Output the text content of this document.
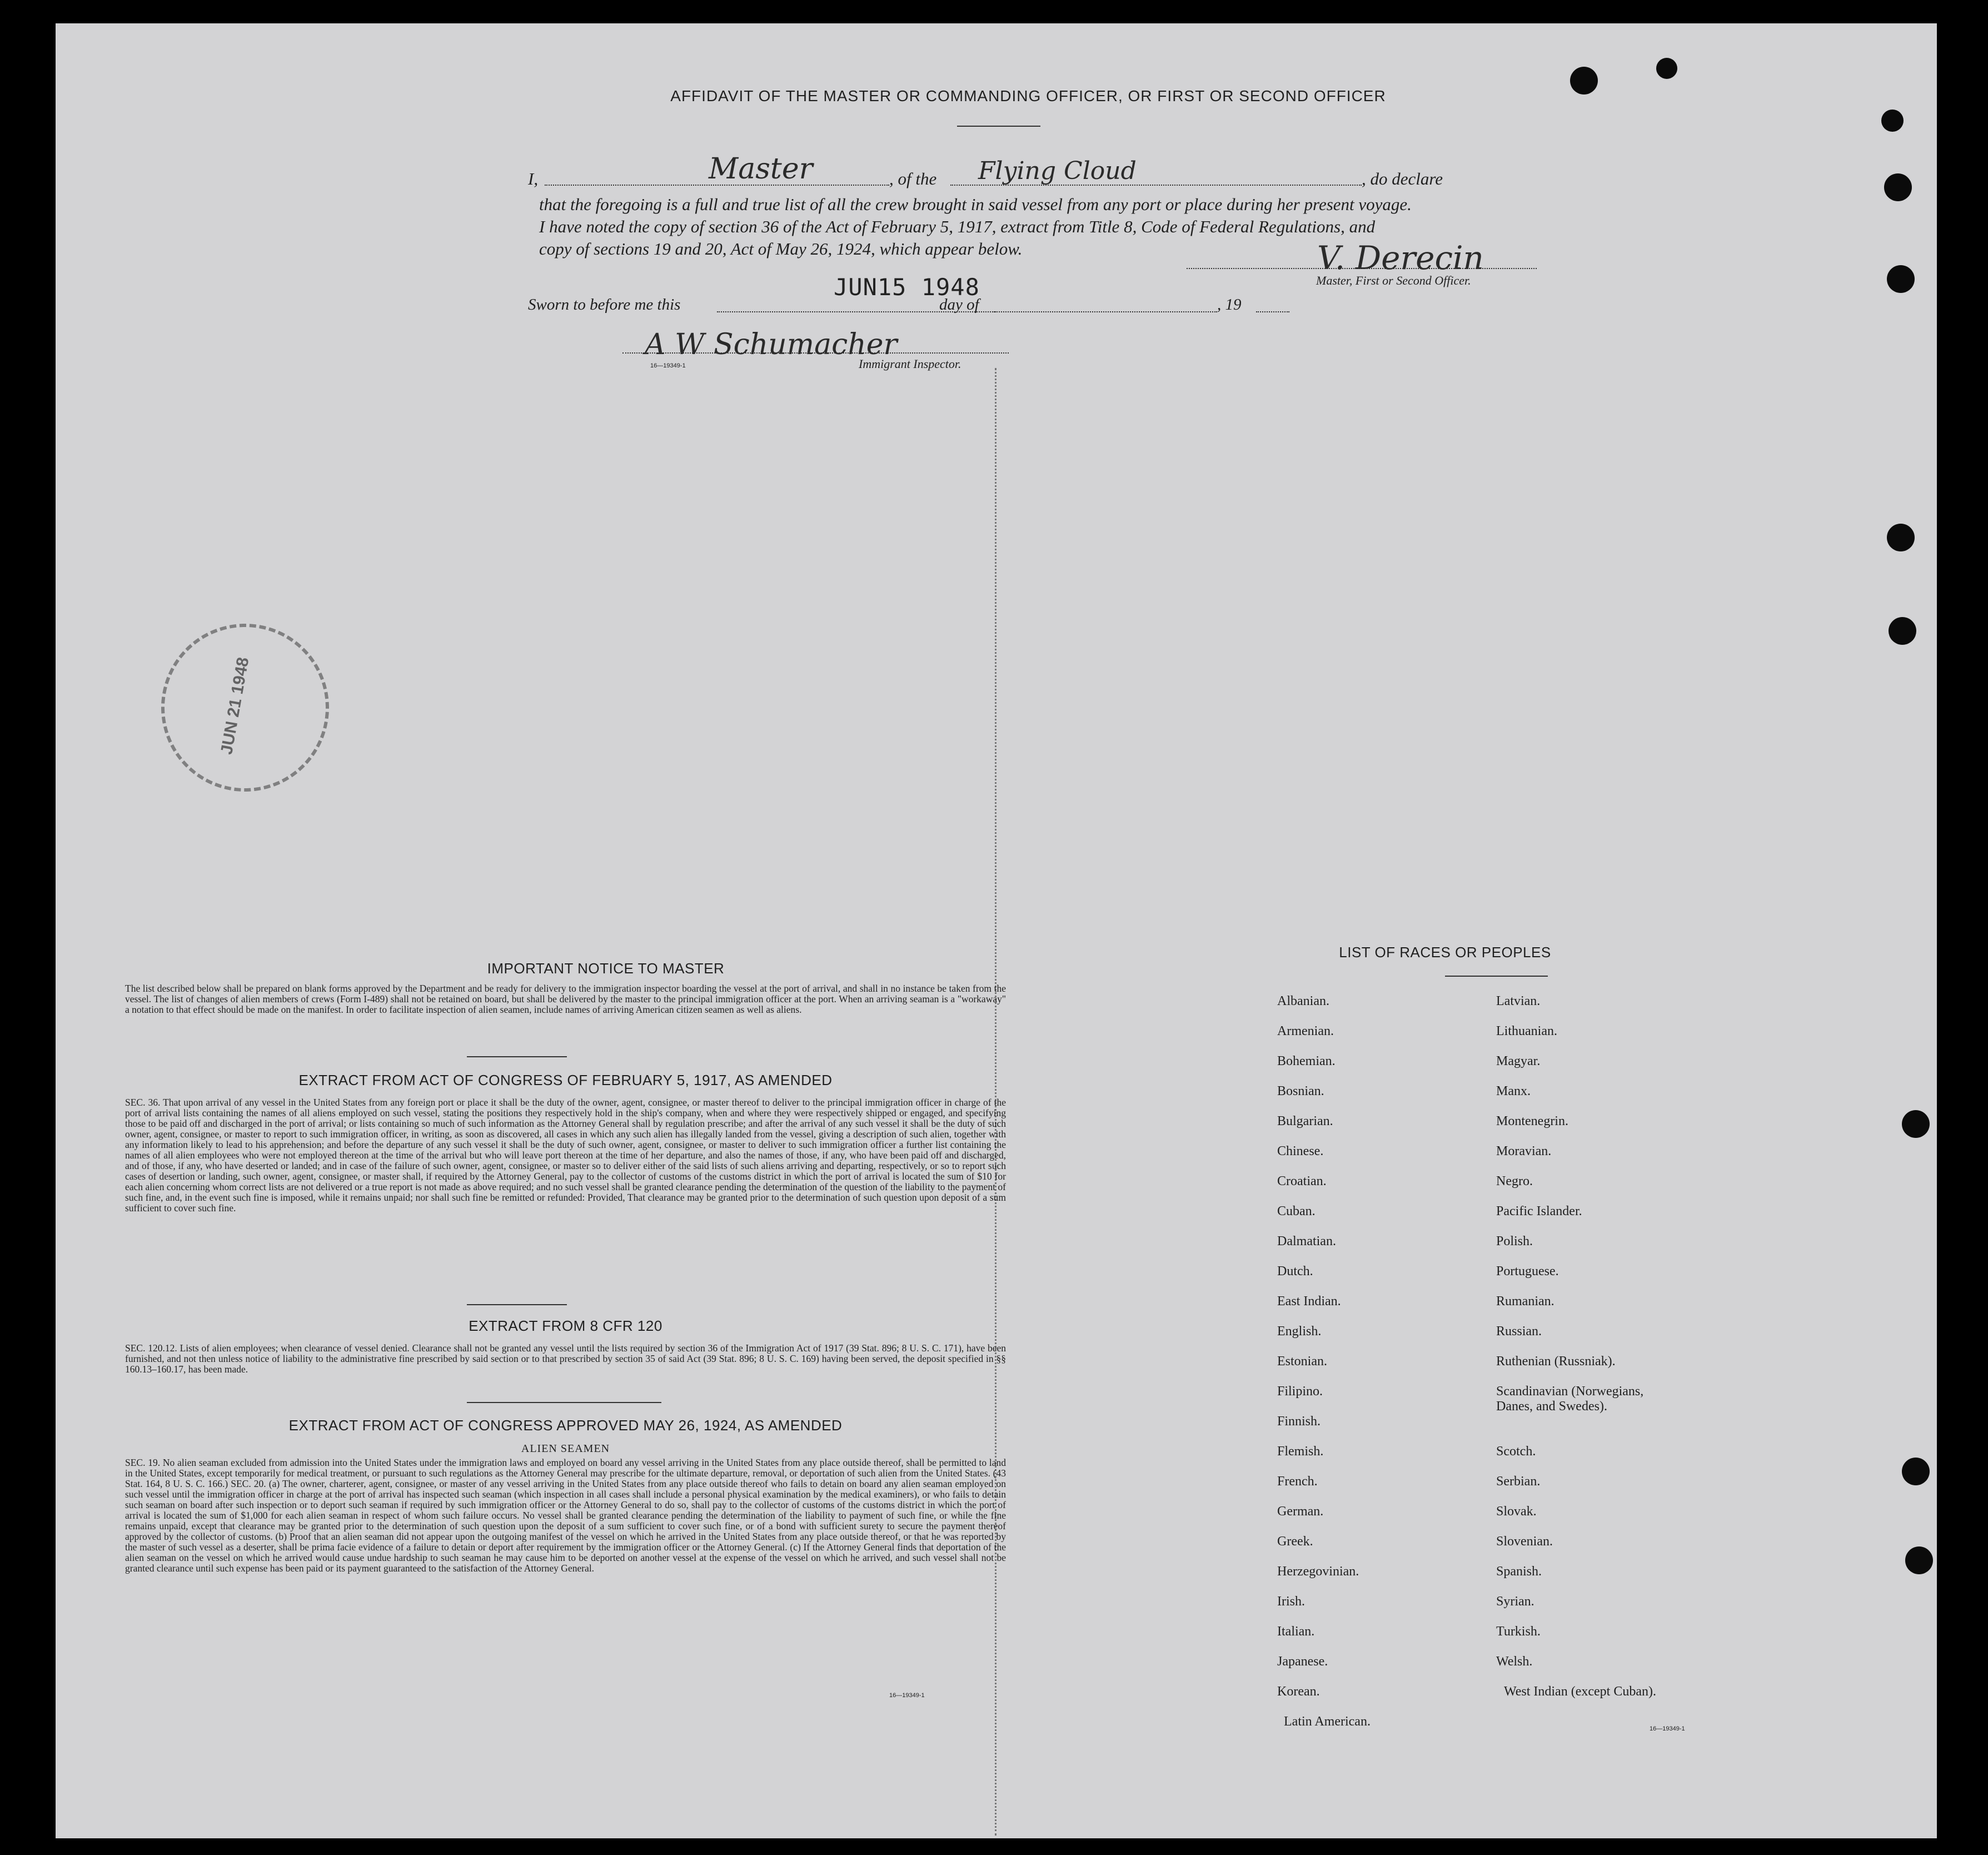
AFFIDAVIT OF THE MASTER OR COMMANDING OFFICER, OR FIRST OR SECOND OFFICER
I,	Master	, of the Flying Cloud	, do declare
that the foregoing is a full and true list of all the crew brought in said vessel from any port or place during her present voyage.
I have noted the copy of section 36 of the Act of February 5, 1917, extract from Title 8, Code of Federal Regulations, and
copy of sections 19 and 20, Act of May 26, 1924, which appear below.	V. Derecin
Master, First or Second Officer.
Sworn to before me this
JUN15 1948
day of	, 19
A W Schumacher
16—19349-1	Immigrant Inspector.
JUN 21 1948
IMPORTANT NOTICE TO MASTER
The list described below shall be prepared on blank forms approved by the Department and be ready for delivery to the immigration inspector boarding the vessel at the port of arrival, and shall in no instance be taken from the vessel. The list of changes of alien members of crews (Form I-489) shall not be retained on board, but shall be delivered by the master to the principal immigration officer at the port. When an arriving seaman is a "workaway" a notation to that effect should be made on the manifest. In order to facilitate inspection of alien seamen, include names of arriving American citizen seamen as well as aliens.
EXTRACT FROM ACT OF CONGRESS OF FEBRUARY 5, 1917, AS AMENDED
SEC. 36. That upon arrival of any vessel in the United States from any foreign port or place it shall be the duty of the owner, agent, consignee, or master thereof to deliver to the principal immigration officer in charge of the port of arrival lists containing the names of all aliens employed on such vessel, stating the positions they respectively hold in the ship's company, when and where they were respectively shipped or engaged, and specifying those to be paid off and discharged in the port of arrival; or lists containing so much of such information as the Attorney General shall by regulation prescribe; and after the arrival of any such vessel it shall be the duty of such owner, agent, consignee, or master to report to such immigration officer, in writing, as soon as discovered, all cases in which any such alien has illegally landed from the vessel, giving a description of such alien, together with any information likely to lead to his apprehension; and before the departure of any such vessel it shall be the duty of such owner, agent, consignee, or master to deliver to such immigration officer a further list containing the names of all alien employees who were not employed thereon at the time of the arrival but who will leave port thereon at the time of her departure, and also the names of those, if any, who have been paid off and discharged, and of those, if any, who have deserted or landed; and in case of the failure of such owner, agent, consignee, or master so to deliver either of the said lists of such aliens arriving and departing, respectively, or so to report such cases of desertion or landing, such owner, agent, consignee, or master shall, if required by the Attorney General, pay to the collector of customs of the customs district in which the port of arrival is located the sum of $10 for each alien concerning whom correct lists are not delivered or a true report is not made as above required; and no such vessel shall be granted clearance pending the determination of the question of the liability to the payment of such fine, and, in the event such fine is imposed, while it remains unpaid; nor shall such fine be remitted or refunded: Provided, That clearance may be granted prior to the determination of such question upon deposit of a sum sufficient to cover such fine.
EXTRACT FROM 8 CFR 120
SEC. 120.12. Lists of alien employees; when clearance of vessel denied. Clearance shall not be granted any vessel until the lists required by section 36 of the Immigration Act of 1917 (39 Stat. 896; 8 U. S. C. 171), have been furnished, and not then unless notice of liability to the administrative fine prescribed by said section or to that prescribed by section 35 of said Act (39 Stat. 896; 8 U. S. C. 169) having been served, the deposit specified in §§ 160.13–160.17, has been made.
EXTRACT FROM ACT OF CONGRESS APPROVED MAY 26, 1924, AS AMENDED
ALIEN SEAMEN
SEC. 19. No alien seaman excluded from admission into the United States under the immigration laws and employed on board any vessel arriving in the United States from any place outside thereof, shall be permitted to land in the United States, except temporarily for medical treatment, or pursuant to such regulations as the Attorney General may prescribe for the ultimate departure, removal, or deportation of such alien from the United States. (43 Stat. 164, 8 U. S. C. 166.) SEC. 20. (a) The owner, charterer, agent, consignee, or master of any vessel arriving in the United States from any place outside thereof who fails to detain on board any alien seaman employed on such vessel until the immigration officer in charge at the port of arrival has inspected such seaman (which inspection in all cases shall include a personal physical examination by the medical examiners), or who fails to detain such seaman on board after such inspection or to deport such seaman if required by such immigration officer or the Attorney General to do so, shall pay to the collector of customs of the customs district in which the port of arrival is located the sum of $1,000 for each alien seaman in respect of whom such failure occurs. No vessel shall be granted clearance pending the determination of the liability to payment of such fine, or while the fine remains unpaid, except that clearance may be granted prior to the determination of such question upon the deposit of a sum sufficient to cover such fine, or of a bond with sufficient surety to secure the payment thereof approved by the collector of customs. (b) Proof that an alien seaman did not appear upon the outgoing manifest of the vessel on which he arrived in the United States from any place outside thereof, or that he was reported by the master of such vessel as a deserter, shall be prima facie evidence of a failure to detain or deport after requirement by the immigration officer or the Attorney General. (c) If the Attorney General finds that deportation of the alien seaman on the vessel on which he arrived would cause undue hardship to such seaman he may cause him to be deported on another vessel at the expense of the vessel on which he arrived, and such vessel shall not be granted clearance until such expense has been paid or its payment guaranteed to the satisfaction of the Attorney General.
16—19349-1
LIST OF RACES OR PEOPLES
Albanian.
Armenian.
Bohemian.
Bosnian.
Bulgarian.
Chinese.
Croatian.
Cuban.
Dalmatian.
Dutch.
East Indian.
English.
Estonian.
Filipino.
Finnish.
Flemish.
French.
German.
Greek.
Herzegovinian.
Irish.
Italian.
Japanese.
Korean.
Latin American.
Latvian.
Lithuanian.
Magyar.
Manx.
Montenegrin.
Moravian.
Negro.
Pacific Islander.
Polish.
Portuguese.
Rumanian.
Russian.
Ruthenian (Russniak).
Scandinavian (Norwegians,
Danes, and Swedes).
Scotch.
Serbian.
Slovak.
Slovenian.
Spanish.
Syrian.
Turkish.
Welsh.
West Indian (except Cuban).
16—19349-1
